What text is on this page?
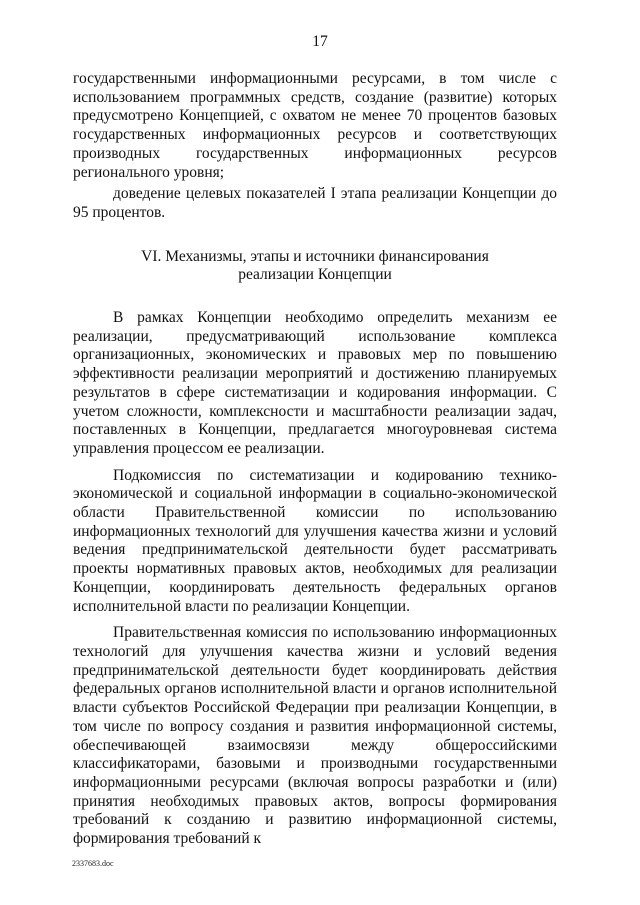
17

государственными информационными ресурсами, в том числе с использованием программных средств, создание (развитие) которых предусмотрено Концепцией, с охватом не менее 70 процентов базовых государственных информационных ресурсов и соответствующих производных государственных информационных ресурсов регионального уровня;

доведение целевых показателей I этапа реализации Концепции до 95 процентов.

VI. Механизмы, этапы и источники финансирования
реализации Концепции

В рамках Концепции необходимо определить механизм ее реализации, предусматривающий использование комплекса организационных, экономических и правовых мер по повышению эффективности реализации мероприятий и достижению планируемых результатов в сфере систематизации и кодирования информации. С учетом сложности, комплексности и масштабности реализации задач, поставленных в Концепции, предлагается многоуровневая система управления процессом ее реализации.

Подкомиссия по систематизации и кодированию технико-экономической и социальной информации в социально-экономической области Правительственной комиссии по использованию информационных технологий для улучшения качества жизни и условий ведения предпринимательской деятельности будет рассматривать проекты нормативных правовых актов, необходимых для реализации Концепции, координировать деятельность федеральных органов исполнительной власти по реализации Концепции.

Правительственная комиссия по использованию информационных технологий для улучшения качества жизни и условий ведения предпринимательской деятельности будет координировать действия федеральных органов исполнительной власти и органов исполнительной власти субъектов Российской Федерации при реализации Концепции, в том числе по вопросу создания и развития информационной системы, обеспечивающей взаимосвязи между общероссийскими классификаторами, базовыми и производными государственными информационными ресурсами (включая вопросы разработки и (или) принятия необходимых правовых актов, вопросы формирования требований к созданию и развитию информационной системы, формирования требований к

2337683.doc
